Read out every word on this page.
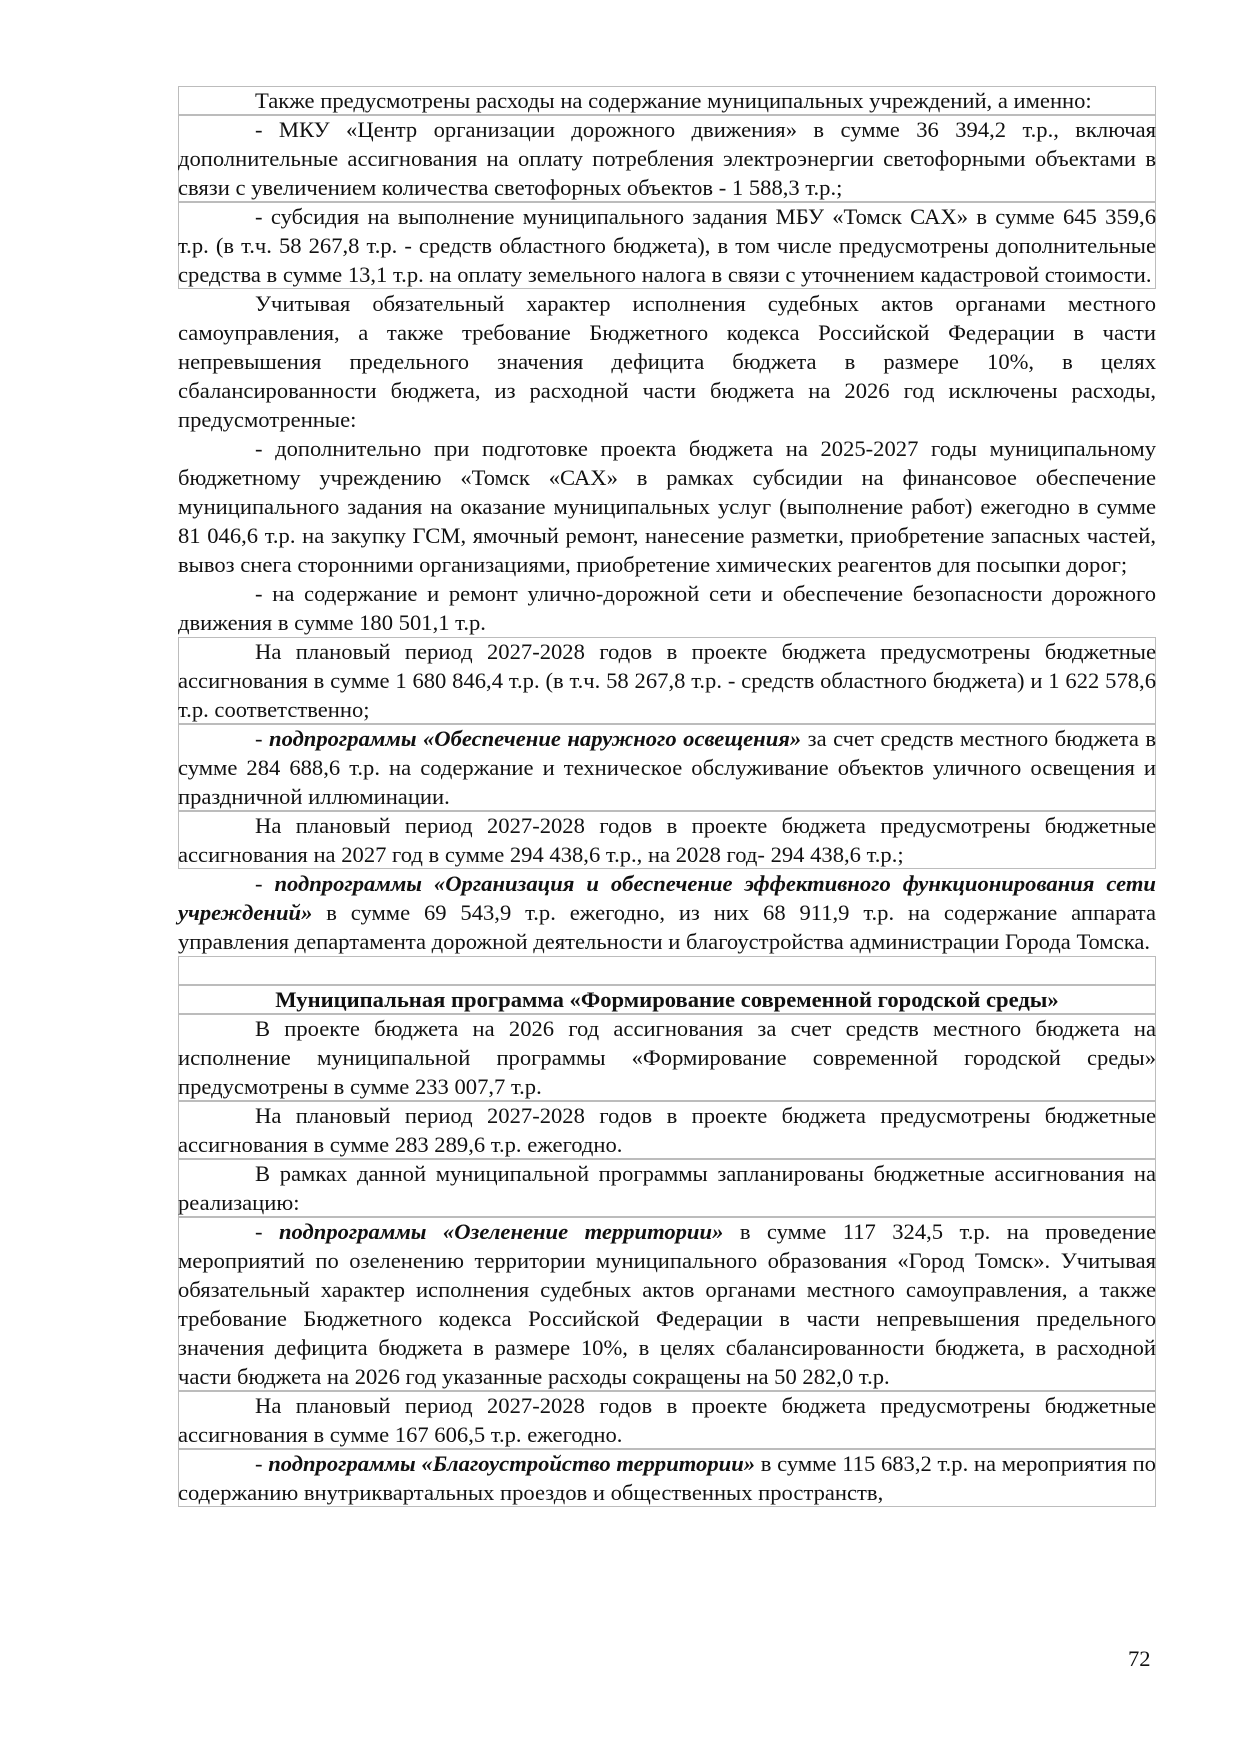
Также предусмотрены расходы на содержание муниципальных учреждений, а именно:

- МКУ «Центр организации дорожного движения» в сумме 36 394,2 т.р., включая дополнительные ассигнования на оплату потребления электроэнергии светофорными объектами в связи с увеличением количества светофорных объектов - 1 588,3 т.р.;

- субсидия на выполнение муниципального задания МБУ «Томск САХ» в сумме 645 359,6 т.р. (в т.ч. 58 267,8 т.р. - средств областного бюджета), в том числе предусмотрены дополнительные средства в сумме 13,1 т.р. на оплату земельного налога в связи с уточнением кадастровой стоимости.

Учитывая обязательный характер исполнения судебных актов органами местного самоуправления, а также требование Бюджетного кодекса Российской Федерации в части непревышения предельного значения дефицита бюджета в размере 10%, в целях сбалансированности бюджета, из расходной части бюджета на 2026 год исключены расходы, предусмотренные:

- дополнительно при подготовке проекта бюджета на 2025-2027 годы муниципальному бюджетному учреждению «Томск «САХ» в рамках субсидии на финансовое обеспечение муниципального задания на оказание муниципальных услуг (выполнение работ) ежегодно в сумме 81 046,6 т.р. на закупку ГСМ, ямочный ремонт, нанесение разметки, приобретение запасных частей, вывоз снега сторонними организациями, приобретение химических реагентов для посыпки дорог;

- на содержание и ремонт улично-дорожной сети и обеспечение безопасности дорожного движения в сумме 180 501,1 т.р.

На плановый период 2027-2028 годов в проекте бюджета предусмотрены бюджетные ассигнования в сумме 1 680 846,4 т.р. (в т.ч. 58 267,8 т.р. - средств областного бюджета) и 1 622 578,6 т.р. соответственно;

- подпрограммы «Обеспечение наружного освещения» за счет средств местного бюджета в сумме 284 688,6 т.р. на содержание и техническое обслуживание объектов уличного освещения и праздничной иллюминации.

На плановый период 2027-2028 годов в проекте бюджета предусмотрены бюджетные ассигнования на 2027 год в сумме 294 438,6 т.р., на 2028 год- 294 438,6 т.р.;

- подпрограммы «Организация и обеспечение эффективного функционирования сети учреждений» в сумме 69 543,9 т.р. ежегодно, из них 68 911,9 т.р. на содержание аппарата управления департамента дорожной деятельности и благоустройства администрации Города Томска.

Муниципальная программа «Формирование современной городской среды»

В проекте бюджета на 2026 год ассигнования за счет средств местного бюджета на исполнение муниципальной программы «Формирование современной городской среды» предусмотрены в сумме 233 007,7 т.р.

На плановый период 2027-2028 годов в проекте бюджета предусмотрены бюджетные ассигнования в сумме 283 289,6 т.р. ежегодно.

В рамках данной муниципальной программы запланированы бюджетные ассигнования на реализацию:

- подпрограммы «Озеленение территории» в сумме 117 324,5 т.р. на проведение мероприятий по озеленению территории муниципального образования «Город Томск». Учитывая обязательный характер исполнения судебных актов органами местного самоуправления, а также требование Бюджетного кодекса Российской Федерации в части непревышения предельного значения дефицита бюджета в размере 10%, в целях сбалансированности бюджета, в расходной части бюджета на 2026 год указанные расходы сокращены на 50 282,0 т.р.

На плановый период 2027-2028 годов в проекте бюджета предусмотрены бюджетные ассигнования в сумме 167 606,5 т.р. ежегодно.

- подпрограммы «Благоустройство территории» в сумме 115 683,2 т.р. на мероприятия по содержанию внутриквартальных проездов и общественных пространств,

72
